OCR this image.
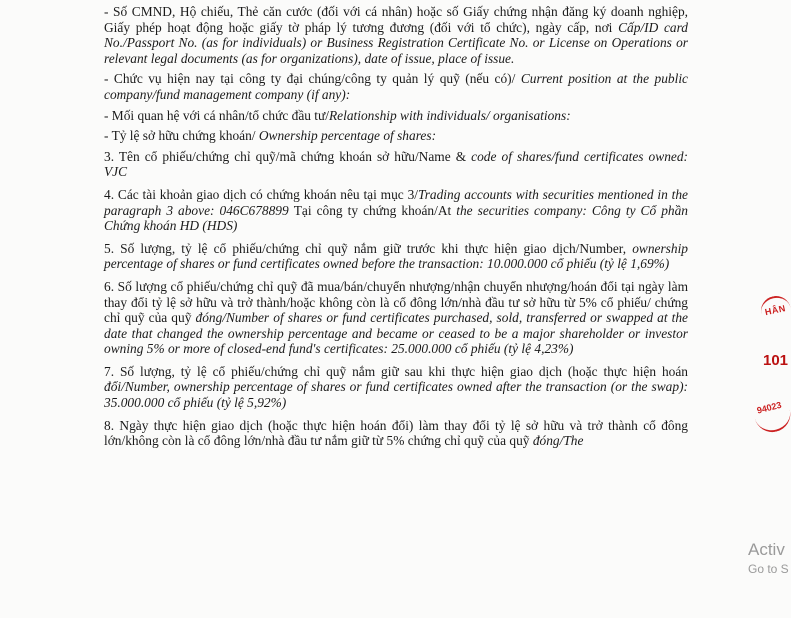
- Số CMND, Hộ chiếu, Thẻ căn cước (đối với cá nhân) hoặc số Giấy chứng nhận đăng ký doanh nghiệp, Giấy phép hoạt động hoặc giấy tờ pháp lý tương đương (đối với tổ chức), ngày cấp, nơi Cấp/ID card No./Passport No. (as for individuals) or Business Registration Certificate No. or License on Operations or relevant legal documents (as for organizations), date of issue, place of issue.

- Chức vụ hiện nay tại công ty đại chúng/công ty quản lý quỹ (nếu có)/ Current position at the public company/fund management company (if any):

- Mối quan hệ với cá nhân/tổ chức đầu tư/Relationship with individuals/ organisations:

- Tỷ lệ sở hữu chứng khoán/ Ownership percentage of shares:

3. Tên cổ phiếu/chứng chỉ quỹ/mã chứng khoán sở hữu/Name & code of shares/fund certificates owned: VJC

4. Các tài khoản giao dịch có chứng khoán nêu tại mục 3/Trading accounts with securities mentioned in the paragraph 3 above: 046C678899 Tại công ty chứng khoán/At the securities company: Công ty Cổ phần Chứng khoán HD (HDS)

5. Số lượng, tỷ lệ cổ phiếu/chứng chỉ quỹ nắm giữ trước khi thực hiện giao dịch/Number, ownership percentage of shares or fund certificates owned before the transaction: 10.000.000 cổ phiếu (tỷ lệ 1,69%)

6. Số lượng cổ phiếu/chứng chỉ quỹ đã mua/bán/chuyển nhượng/nhận chuyển nhượng/hoán đổi tại ngày làm thay đổi tỷ lệ sở hữu và trở thành/hoặc không còn là cổ đông lớn/nhà đầu tư sở hữu từ 5% cổ phiếu/ chứng chỉ quỹ của quỹ đóng/Number of shares or fund certificates purchased, sold, transferred or swapped at the date that changed the ownership percentage and became or ceased to be a major shareholder or investor owning 5% or more of closed-end fund's certificates: 25.000.000 cổ phiếu (tỷ lệ 4,23%)

7. Số lượng, tỷ lệ cổ phiếu/chứng chỉ quỹ nắm giữ sau khi thực hiện giao dịch (hoặc thực hiện hoán đổi/Number, ownership percentage of shares or fund certificates owned after the transaction (or the swap): 35.000.000 cổ phiếu (tỷ lệ 5,92%)

8. Ngày thực hiện giao dịch (hoặc thực hiện hoán đổi) làm thay đổi tỷ lệ sở hữu và trở thành cổ đông lớn/không còn là cổ đông lớn/nhà đầu tư nắm giữ từ 5% chứng chỉ quỹ của quỹ đóng/The

HÂN
101
94023
Activ
Go to S
